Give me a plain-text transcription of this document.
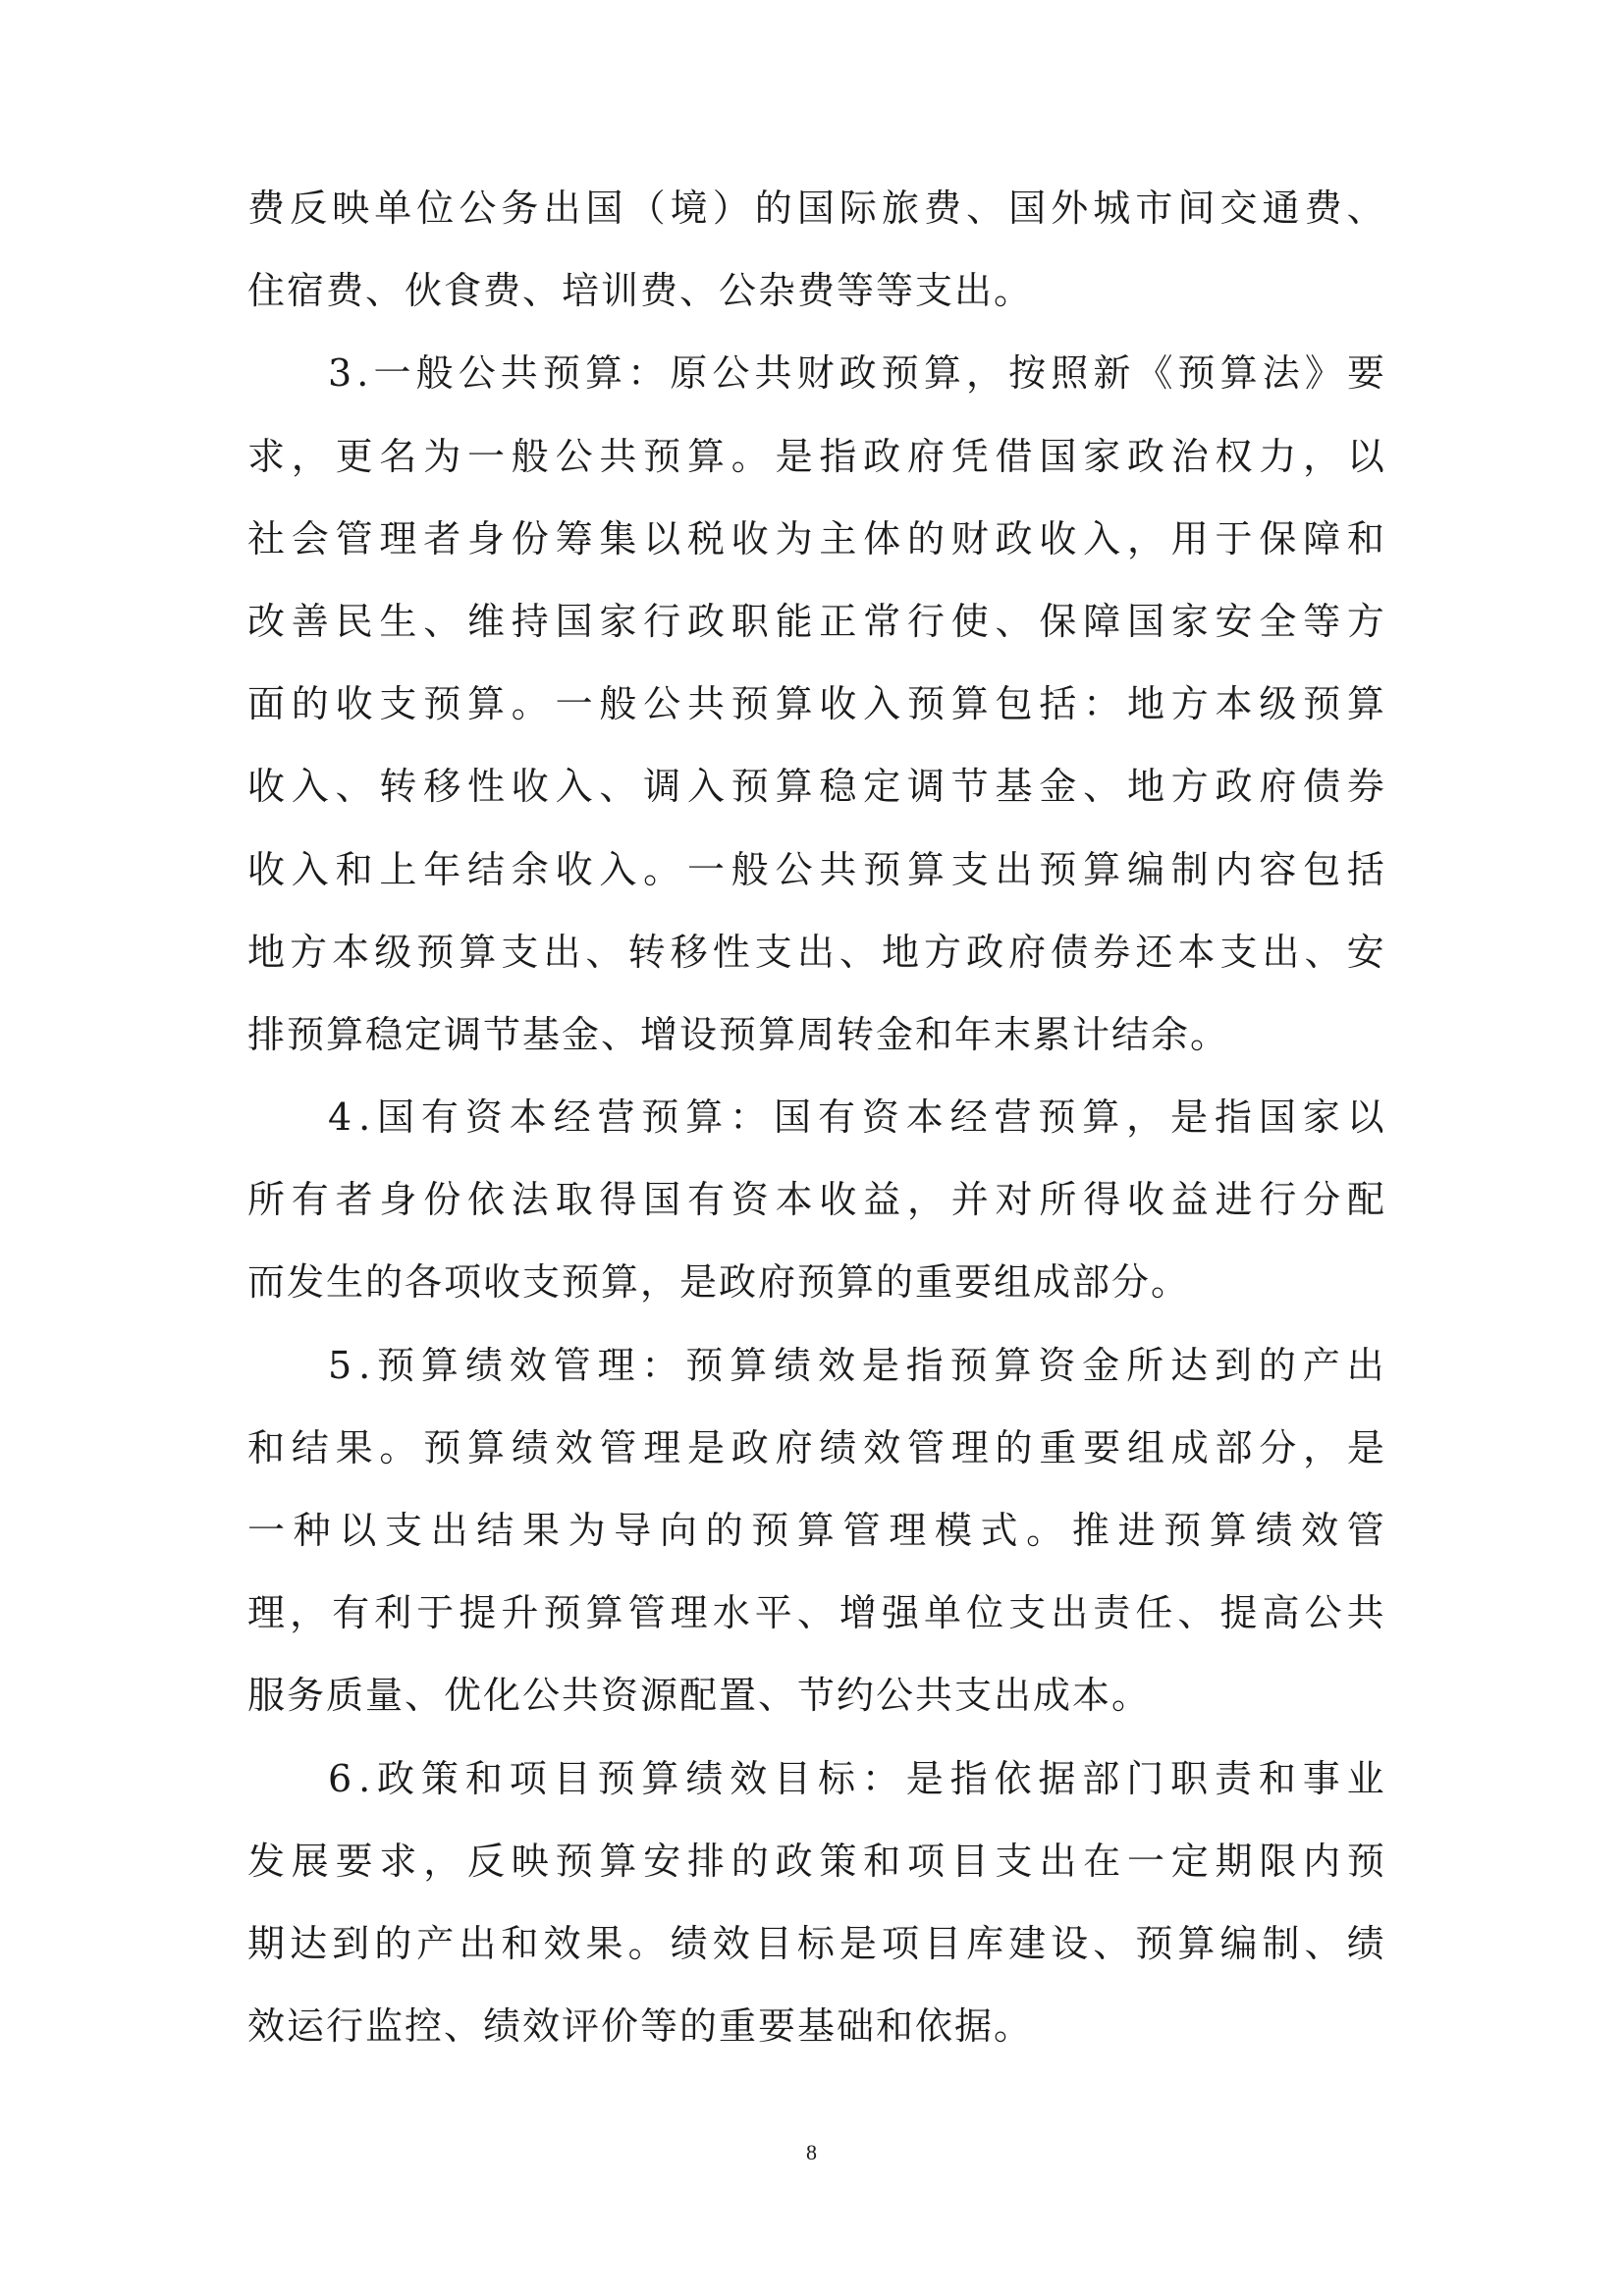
费 反 映 单 位 公 务 出 国 （ 境 ） 的 国 际 旅 费 、 国 外 城 市 间 交 通 费 、
住宿费、伙食费、培训费、公杂费等等支出。
3 . 一 般 公 共 预 算 ： 原 公 共 财 政 预 算 ， 按 照 新 《 预 算 法 》 要
求 ， 更 名 为 一 般 公 共 预 算 。 是 指 政 府 凭 借 国 家 政 治 权 力 ， 以
社 会 管 理 者 身 份 筹 集 以 税 收 为 主 体 的 财 政 收 入 ， 用 于 保 障 和
改 善 民 生 、 维 持 国 家 行 政 职 能 正 常 行 使 、 保 障 国 家 安 全 等 方
面 的 收 支 预 算 。 一 般 公 共 预 算 收 入 预 算 包 括 ： 地 方 本 级 预 算
收 入 、 转 移 性 收 入 、 调 入 预 算 稳 定 调 节 基 金 、 地 方 政 府 债 券
收 入 和 上 年 结 余 收 入 。 一 般 公 共 预 算 支 出 预 算 编 制 内 容 包 括
地 方 本 级 预 算 支 出 、 转 移 性 支 出 、 地 方 政 府 债 券 还 本 支 出 、 安
排预算稳定调节基金、增设预算周转金和年末累计结余。
4 . 国 有 资 本 经 营 预 算 ： 国 有 资 本 经 营 预 算 ， 是 指 国 家 以
所 有 者 身 份 依 法 取 得 国 有 资 本 收 益 ， 并 对 所 得 收 益 进 行 分 配
而发生的各项收支预算，是政府预算的重要组成部分。
5 . 预 算 绩 效 管 理 ： 预 算 绩 效 是 指 预 算 资 金 所 达 到 的 产 出
和 结 果 。 预 算 绩 效 管 理 是 政 府 绩 效 管 理 的 重 要 组 成 部 分 ， 是
一 种 以 支 出 结 果 为 导 向 的 预 算 管 理 模 式 。 推 进 预 算 绩 效 管
理 ， 有 利 于 提 升 预 算 管 理 水 平 、 增 强 单 位 支 出 责 任 、 提 高 公 共
服务质量、优化公共资源配置、节约公共支出成本。
6 . 政 策 和 项 目 预 算 绩 效 目 标 ： 是 指 依 据 部 门 职 责 和 事 业
发 展 要 求 ， 反 映 预 算 安 排 的 政 策 和 项 目 支 出 在 一 定 期 限 内 预
期 达 到 的 产 出 和 效 果 。 绩 效 目 标 是 项 目 库 建 设 、 预 算 编 制 、 绩
效运行监控、绩效评价等的重要基础和依据。
8
